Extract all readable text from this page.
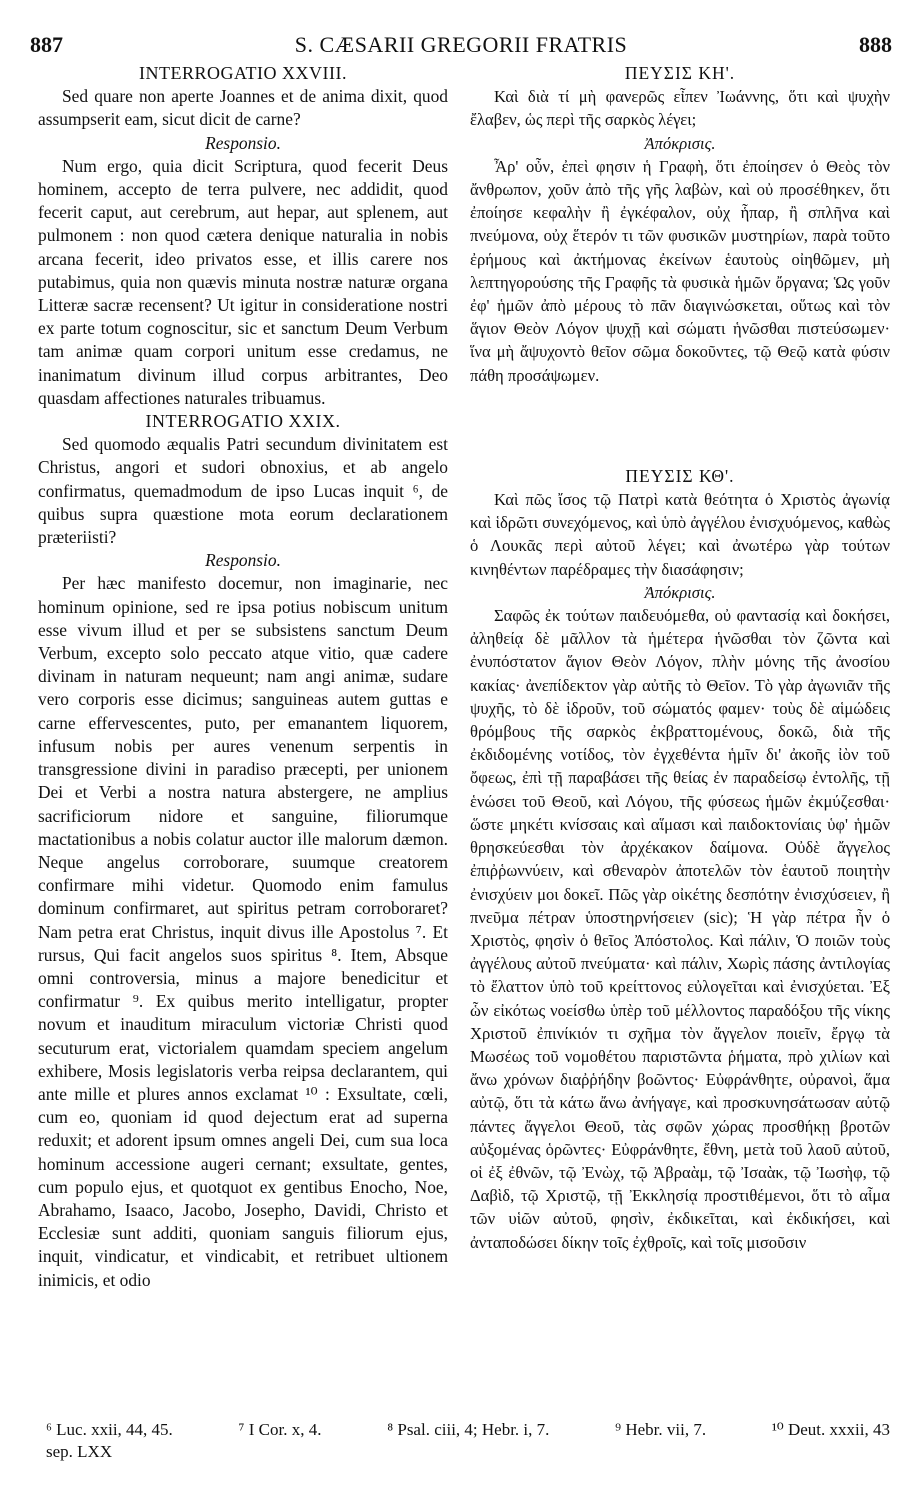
887	S. CÆSARII GREGORII FRATRIS	888

INTERROGATIO XXVIII.

Sed quare non aperte Joannes et de anima dixit, quod assumpserit eam, sicut dicit de carne?

Responsio.

Num ergo, quia dicit Scriptura, quod fecerit Deus hominem, accepto de terra pulvere, nec addidit, quod fecerit caput, aut cerebrum, aut hepar, aut splenem, aut pulmonem : non quod cætera denique naturalia in nobis arcana fecerit, ideo privatos esse, et illis carere nos putabimus, quia non quævis minuta nostræ naturæ organa Litteræ sacræ recensent? Ut igitur in consideratione nostri ex parte totum cognoscitur, sic et sanctum Deum Verbum tam animæ quam corpori unitum esse credamus, ne inanimatum divinum illud corpus arbitrantes, Deo quasdam affectiones naturales tribuamus.

INTERROGATIO XXIX.

Sed quomodo æqualis Patri secundum divinitatem est Christus, angori et sudori obnoxius, et ab angelo confirmatus, quemadmodum de ipso Lucas inquit ⁶, de quibus supra quæstione mota eorum declarationem præteriisti?

Responsio.

Per hæc manifesto docemur, non imaginarie, nec hominum opinione, sed re ipsa potius nobiscum unitum esse vivum illud et per se subsistens sanctum Deum Verbum, excepto solo peccato atque vitio, quæ cadere divinam in naturam nequeunt; nam angi animæ, sudare vero corporis esse dicimus; sanguineas autem guttas e carne effervescentes, puto, per emanantem liquorem, infusum nobis per aures venenum serpentis in transgressione divini in paradiso præcepti, per unionem Dei et Verbi a nostra natura abstergere, ne amplius sacrificiorum nidore et sanguine, filiorumque mactationibus a nobis colatur auctor ille malorum dæmon. Neque angelus corroborare, suumque creatorem confirmare mihi videtur. Quomodo enim famulus dominum confirmaret, aut spiritus petram corroboraret? Nam petra erat Christus, inquit divus ille Apostolus ⁷. Et rursus, Qui facit angelos suos spiritus ⁸. Item, Absque omni controversia, minus a majore benedicitur et confirmatur ⁹. Ex quibus merito intelligatur, propter novum et inauditum miraculum victoriæ Christi quod secuturum erat, victorialem quamdam speciem angelum exhibere, Mosis legislatoris verba reipsa declarantem, qui ante mille et plures annos exclamat ¹⁰ : Exsultate, cœli, cum eo, quoniam id quod dejectum erat ad superna reduxit; et adorent ipsum omnes angeli Dei, cum sua loca hominum accessione augeri cernant; exsultate, gentes, cum populo ejus, et quotquot ex gentibus Enocho, Noe, Abrahamo, Isaaco, Jacobo, Josepho, Davidi, Christo et Ecclesiæ sunt additi, quoniam sanguis filiorum ejus, inquit, vindicatur, et vindicabit, et retribuet ultionem inimicis, et odio

ΠΕΥΣΙΣ ΚΗ'.

Καὶ διὰ τί μὴ φανερῶς εἶπεν Ἰωάννης, ὅτι καὶ ψυχὴν ἔλαβεν, ὡς περὶ τῆς σαρκὸς λέγει;

Ἀπόκρισις.

Ἆρ' οὖν, ἐπεὶ φησιν ἡ Γραφὴ, ὅτι ἐποίησεν ὁ Θεὸς τὸν ἄνθρωπον, χοῦν ἀπὸ τῆς γῆς λαβὼν, καὶ οὐ προσέθηκεν, ὅτι ἐποίησε κεφαλὴν ἢ ἐγκέφαλον, οὐχ ἧπαρ, ἢ σπλῆνα καὶ πνεύμονα, οὐχ ἕτερόν τι τῶν φυσικῶν μυστηρίων, παρὰ τοῦτο ἐρήμους καὶ ἀκτήμονας ἐκείνων ἑαυτοὺς οἰηθῶμεν, μὴ λεπτηγορούσης τῆς Γραφῆς τὰ φυσικὰ ἡμῶν ὄργανα; Ὡς γοῦν ἐφ' ἡμῶν ἀπὸ μέρους τὸ πᾶν διαγινώσκεται, οὕτως καὶ τὸν ἅγιον Θεὸν Λόγον ψυχῇ καὶ σώματι ἡνῶσθαι πιστεύσωμεν· ἵνα μὴ ἄψυχοντὸ θεῖον σῶμα δοκοῦντες, τῷ Θεῷ κατὰ φύσιν πάθη προσάψωμεν.

ΠΕΥΣΙΣ ΚΘ'.

Καὶ πῶς ἴσος τῷ Πατρὶ κατὰ θεότητα ὁ Χριστὸς ἀγωνίᾳ καὶ ἱδρῶτι συνεχόμενος, καὶ ὑπὸ ἀγγέλου ἐνισχυόμενος, καθὼς ὁ Λουκᾶς περὶ αὐτοῦ λέγει; καὶ ἀνωτέρω γὰρ τούτων κινηθέντων παρέδραμες τὴν διασάφησιν;

Ἀπόκρισις.

Σαφῶς ἐκ τούτων παιδευόμεθα, οὐ φαντασίᾳ καὶ δοκήσει, ἀληθείᾳ δὲ μᾶλλον τὰ ἡμέτερα ἡνῶσθαι τὸν ζῶντα καὶ ἐνυπόστατον ἅγιον Θεὸν Λόγον, πλὴν μόνης τῆς ἀνοσίου κακίας· ἀνεπίδεκτον γὰρ αὐτῆς τὸ Θεῖον. Τὸ γὰρ ἀγωνιᾶν τῆς ψυχῆς, τὸ δὲ ἱδροῦν, τοῦ σώματός φαμεν· τοὺς δὲ αἱμώδεις θρόμβους τῆς σαρκὸς ἐκβραττομένους, δοκῶ, διὰ τῆς ἐκδιδομένης νοτίδος, τὸν ἐγχεθέντα ἡμῖν δι' ἀκοῆς ἰὸν τοῦ ὄφεως, ἐπὶ τῇ παραβάσει τῆς θείας ἐν παραδείσῳ ἐντολῆς, τῇ ἑνώσει τοῦ Θεοῦ, καὶ Λόγου, τῆς φύσεως ἡμῶν ἐκμύζεσθαι· ὥστε μηκέτι κνίσσαις καὶ αἵμασι καὶ παιδοκτονίαις ὑφ' ἡμῶν θρησκεύεσθαι τὸν ἀρχέκακον δαίμονα. Οὐδὲ ἄγγελος ἐπιῤῥωννύειν, καὶ σθεναρὸν ἀποτελῶν τὸν ἑαυτοῦ ποιητὴν ἐνισχύειν μοι δοκεῖ. Πῶς γὰρ οἰκέτης δεσπότην ἐνισχύσειεν, ἢ πνεῦμα πέτραν ὑποστηρνήσειεν (sic); Ἡ γὰρ πέτρα ἦν ὁ Χριστὸς, φησὶν ὁ θεῖος Ἀπόστολος. Καὶ πάλιν, Ὁ ποιῶν τοὺς ἀγγέλους αὐτοῦ πνεύματα· καὶ πάλιν, Χωρὶς πάσης ἀντιλογίας τὸ ἔλαττον ὑπὸ τοῦ κρείττονος εὐλογεῖται καὶ ἐνισχύεται. Ἐξ ὧν εἰκότως νοείσθω ὑπὲρ τοῦ μέλλοντος παραδόξου τῆς νίκης Χριστοῦ ἐπινίκιόν τι σχῆμα τὸν ἄγγελον ποιεῖν, ἔργῳ τὰ Μωσέως τοῦ νομοθέτου παριστῶντα ῥήματα, πρὸ χιλίων καὶ ἄνω χρόνων διαῤῥήδην βοῶντος· Εὐφράνθητε, οὐρανοὶ, ἅμα αὐτῷ, ὅτι τὰ κάτω ἄνω ἀνήγαγε, καὶ προσκυνησάτωσαν αὐτῷ πάντες ἄγγελοι Θεοῦ, τὰς σφῶν χώρας προσθήκῃ βροτῶν αὐξομένας ὁρῶντες· Εὐφράνθητε, ἔθνη, μετὰ τοῦ λαοῦ αὐτοῦ, οἱ ἐξ ἐθνῶν, τῷ Ἐνὼχ, τῷ Ἀβραὰμ, τῷ Ἰσαὰκ, τῷ Ἰωσὴφ, τῷ Δαβὶδ, τῷ Χριστῷ, τῇ Ἐκκλησίᾳ προστιθέμενοι, ὅτι τὸ αἷμα τῶν υἱῶν αὐτοῦ, φησὶν, ἐκδικεῖται, καὶ ἐκδικήσει, καὶ ἀνταποδώσει δίκην τοῖς ἐχθροῖς, καὶ τοῖς μισοῦσιν

⁶ Luc. xxii, 44, 45.	⁷ I Cor. x, 4.	⁸ Psal. ciii, 4; Hebr. i, 7.	⁹ Hebr. vii, 7.	¹⁰ Deut. xxxii, 43
sep. LXX
